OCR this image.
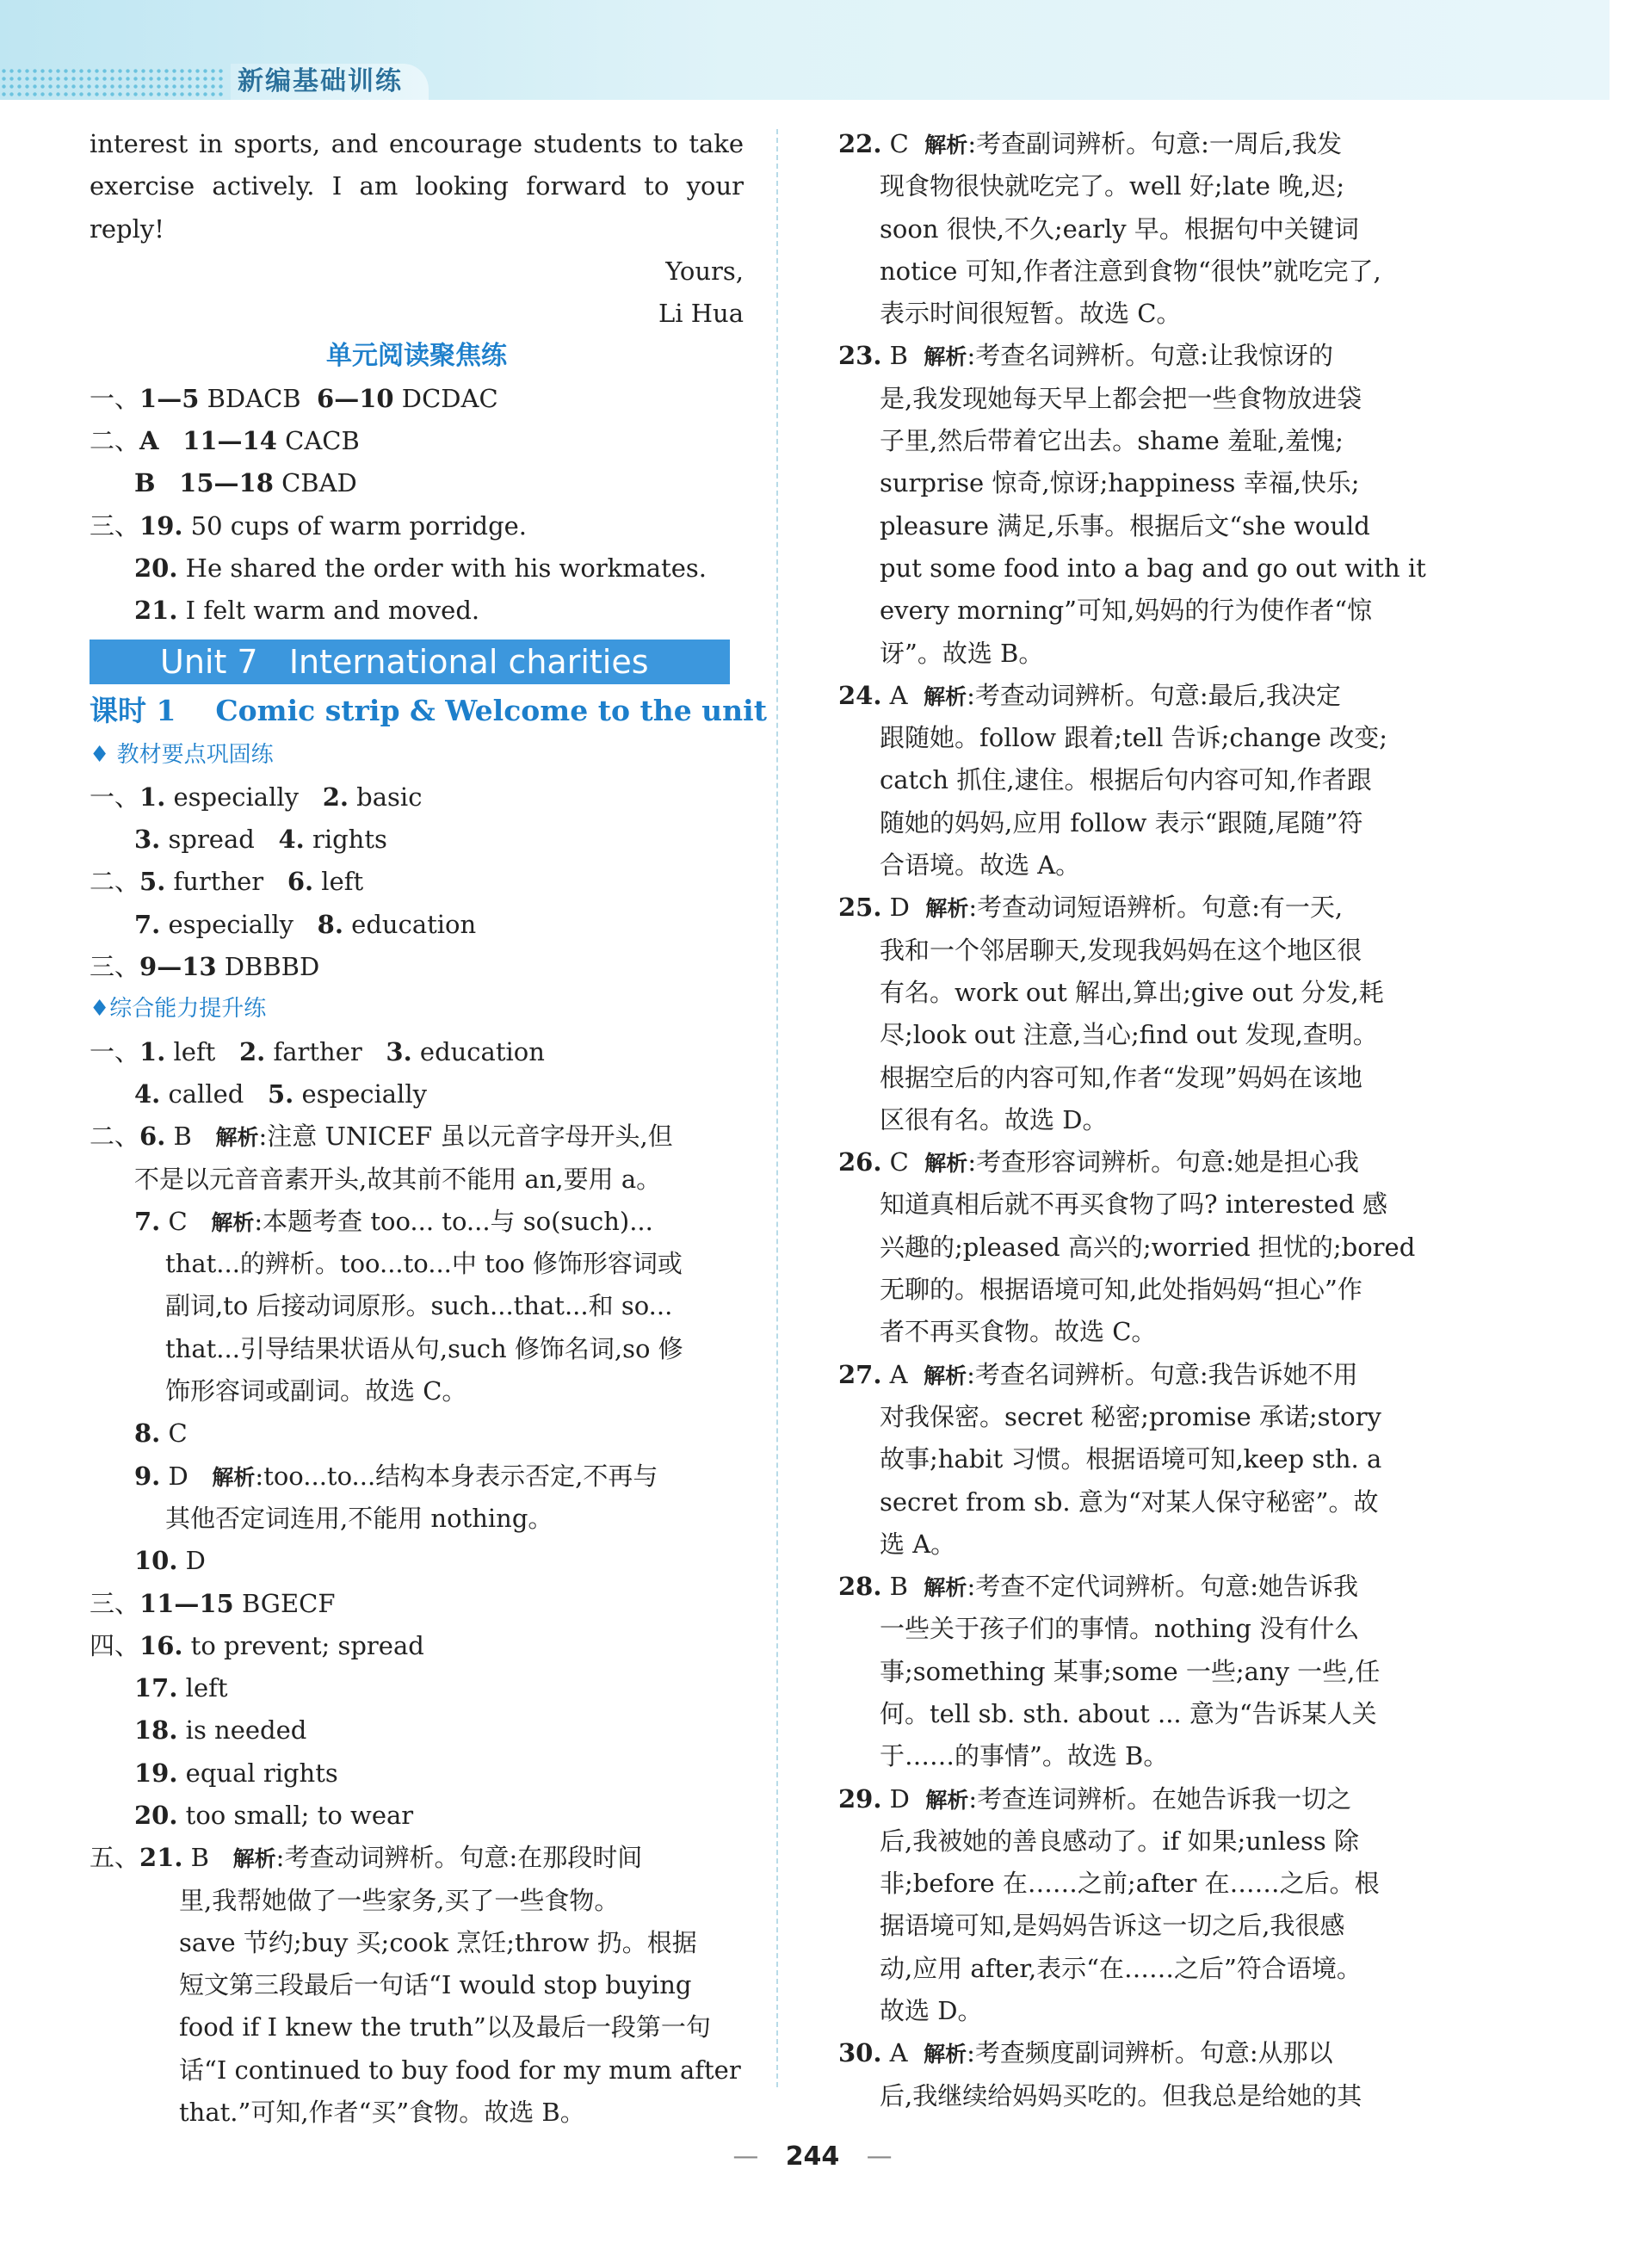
新编基础训练
interest in sports, and encourage students to take
exercise actively. I am looking forward to your
reply!
Yours,
Li Hua
单元阅读聚焦练
一、1—5 BDACB  6—10 DCDAC
二、A 11—14 CACB
B 15—18 CBAD
三、19. 50 cups of warm porridge.
20. He shared the order with his workmates.
21. I felt warm and moved.
Unit 7   International charities
课时 1    Comic strip & Welcome to the unit
♦ 教材要点巩固练
一、1. especially   2. basic
3. spread   4. rights
二、5. further   6. left
7. especially   8. education
三、9—13 DBBBD
♦综合能力提升练
一、1. left   2. farther   3. education
4. called   5. especially
二、6. B   解析:注意 UNICEF 虽以元音字母开头,但
不是以元音音素开头,故其前不能用 an,要用 a。
7. C   解析:本题考查 too... to...与 so(such)...
that...的辨析。too...to...中 too 修饰形容词或
副词,to 后接动词原形。such...that...和 so...
that...引导结果状语从句,such 修饰名词,so 修
饰形容词或副词。故选 C。
8. C
9. D   解析:too...to...结构本身表示否定,不再与
其他否定词连用,不能用 nothing。
10. D
三、11—15 BGECF
四、16. to prevent; spread
17. left
18. is needed
19. equal rights
20. too small; to wear
五、21. B   解析:考查动词辨析。句意:在那段时间
里,我帮她做了一些家务,买了一些食物。
save 节约;buy 买;cook 烹饪;throw 扔。根据
短文第三段最后一句话“I would stop buying
food if I knew the truth”以及最后一段第一句
话“I continued to buy food for my mum after
that.”可知,作者“买”食物。故选 B。
22. C  解析:考查副词辨析。句意:一周后,我发
现食物很快就吃完了。well 好;late 晚,迟;
soon 很快,不久;early 早。根据句中关键词
notice 可知,作者注意到食物“很快”就吃完了,
表示时间很短暂。故选 C。
23. B  解析:考查名词辨析。句意:让我惊讶的
是,我发现她每天早上都会把一些食物放进袋
子里,然后带着它出去。shame 羞耻,羞愧;
surprise 惊奇,惊讶;happiness 幸福,快乐;
pleasure 满足,乐事。根据后文“she would
put some food into a bag and go out with it
every morning”可知,妈妈的行为使作者“惊
讶”。故选 B。
24. A  解析:考查动词辨析。句意:最后,我决定
跟随她。follow 跟着;tell 告诉;change 改变;
catch 抓住,逮住。根据后句内容可知,作者跟
随她的妈妈,应用 follow 表示“跟随,尾随”符
合语境。故选 A。
25. D  解析:考查动词短语辨析。句意:有一天,
我和一个邻居聊天,发现我妈妈在这个地区很
有名。work out 解出,算出;give out 分发,耗
尽;look out 注意,当心;find out 发现,查明。
根据空后的内容可知,作者“发现”妈妈在该地
区很有名。故选 D。
26. C  解析:考查形容词辨析。句意:她是担心我
知道真相后就不再买食物了吗? interested 感
兴趣的;pleased 高兴的;worried 担忧的;bored
无聊的。根据语境可知,此处指妈妈“担心”作
者不再买食物。故选 C。
27. A  解析:考查名词辨析。句意:我告诉她不用
对我保密。secret 秘密;promise 承诺;story
故事;habit 习惯。根据语境可知,keep sth. a
secret from sb. 意为“对某人保守秘密”。故
选 A。
28. B  解析:考查不定代词辨析。句意:她告诉我
一些关于孩子们的事情。nothing 没有什么
事;something 某事;some 一些;any 一些,任
何。tell sb. sth. about ... 意为“告诉某人关
于……的事情”。故选 B。
29. D  解析:考查连词辨析。在她告诉我一切之
后,我被她的善良感动了。if 如果;unless 除
非;before 在……之前;after 在……之后。根
据语境可知,是妈妈告诉这一切之后,我很感
动,应用 after,表示“在……之后”符合语境。
故选 D。
30. A  解析:考查频度副词辨析。句意:从那以
后,我继续给妈妈买吃的。但我总是给她的其
— 244 —
